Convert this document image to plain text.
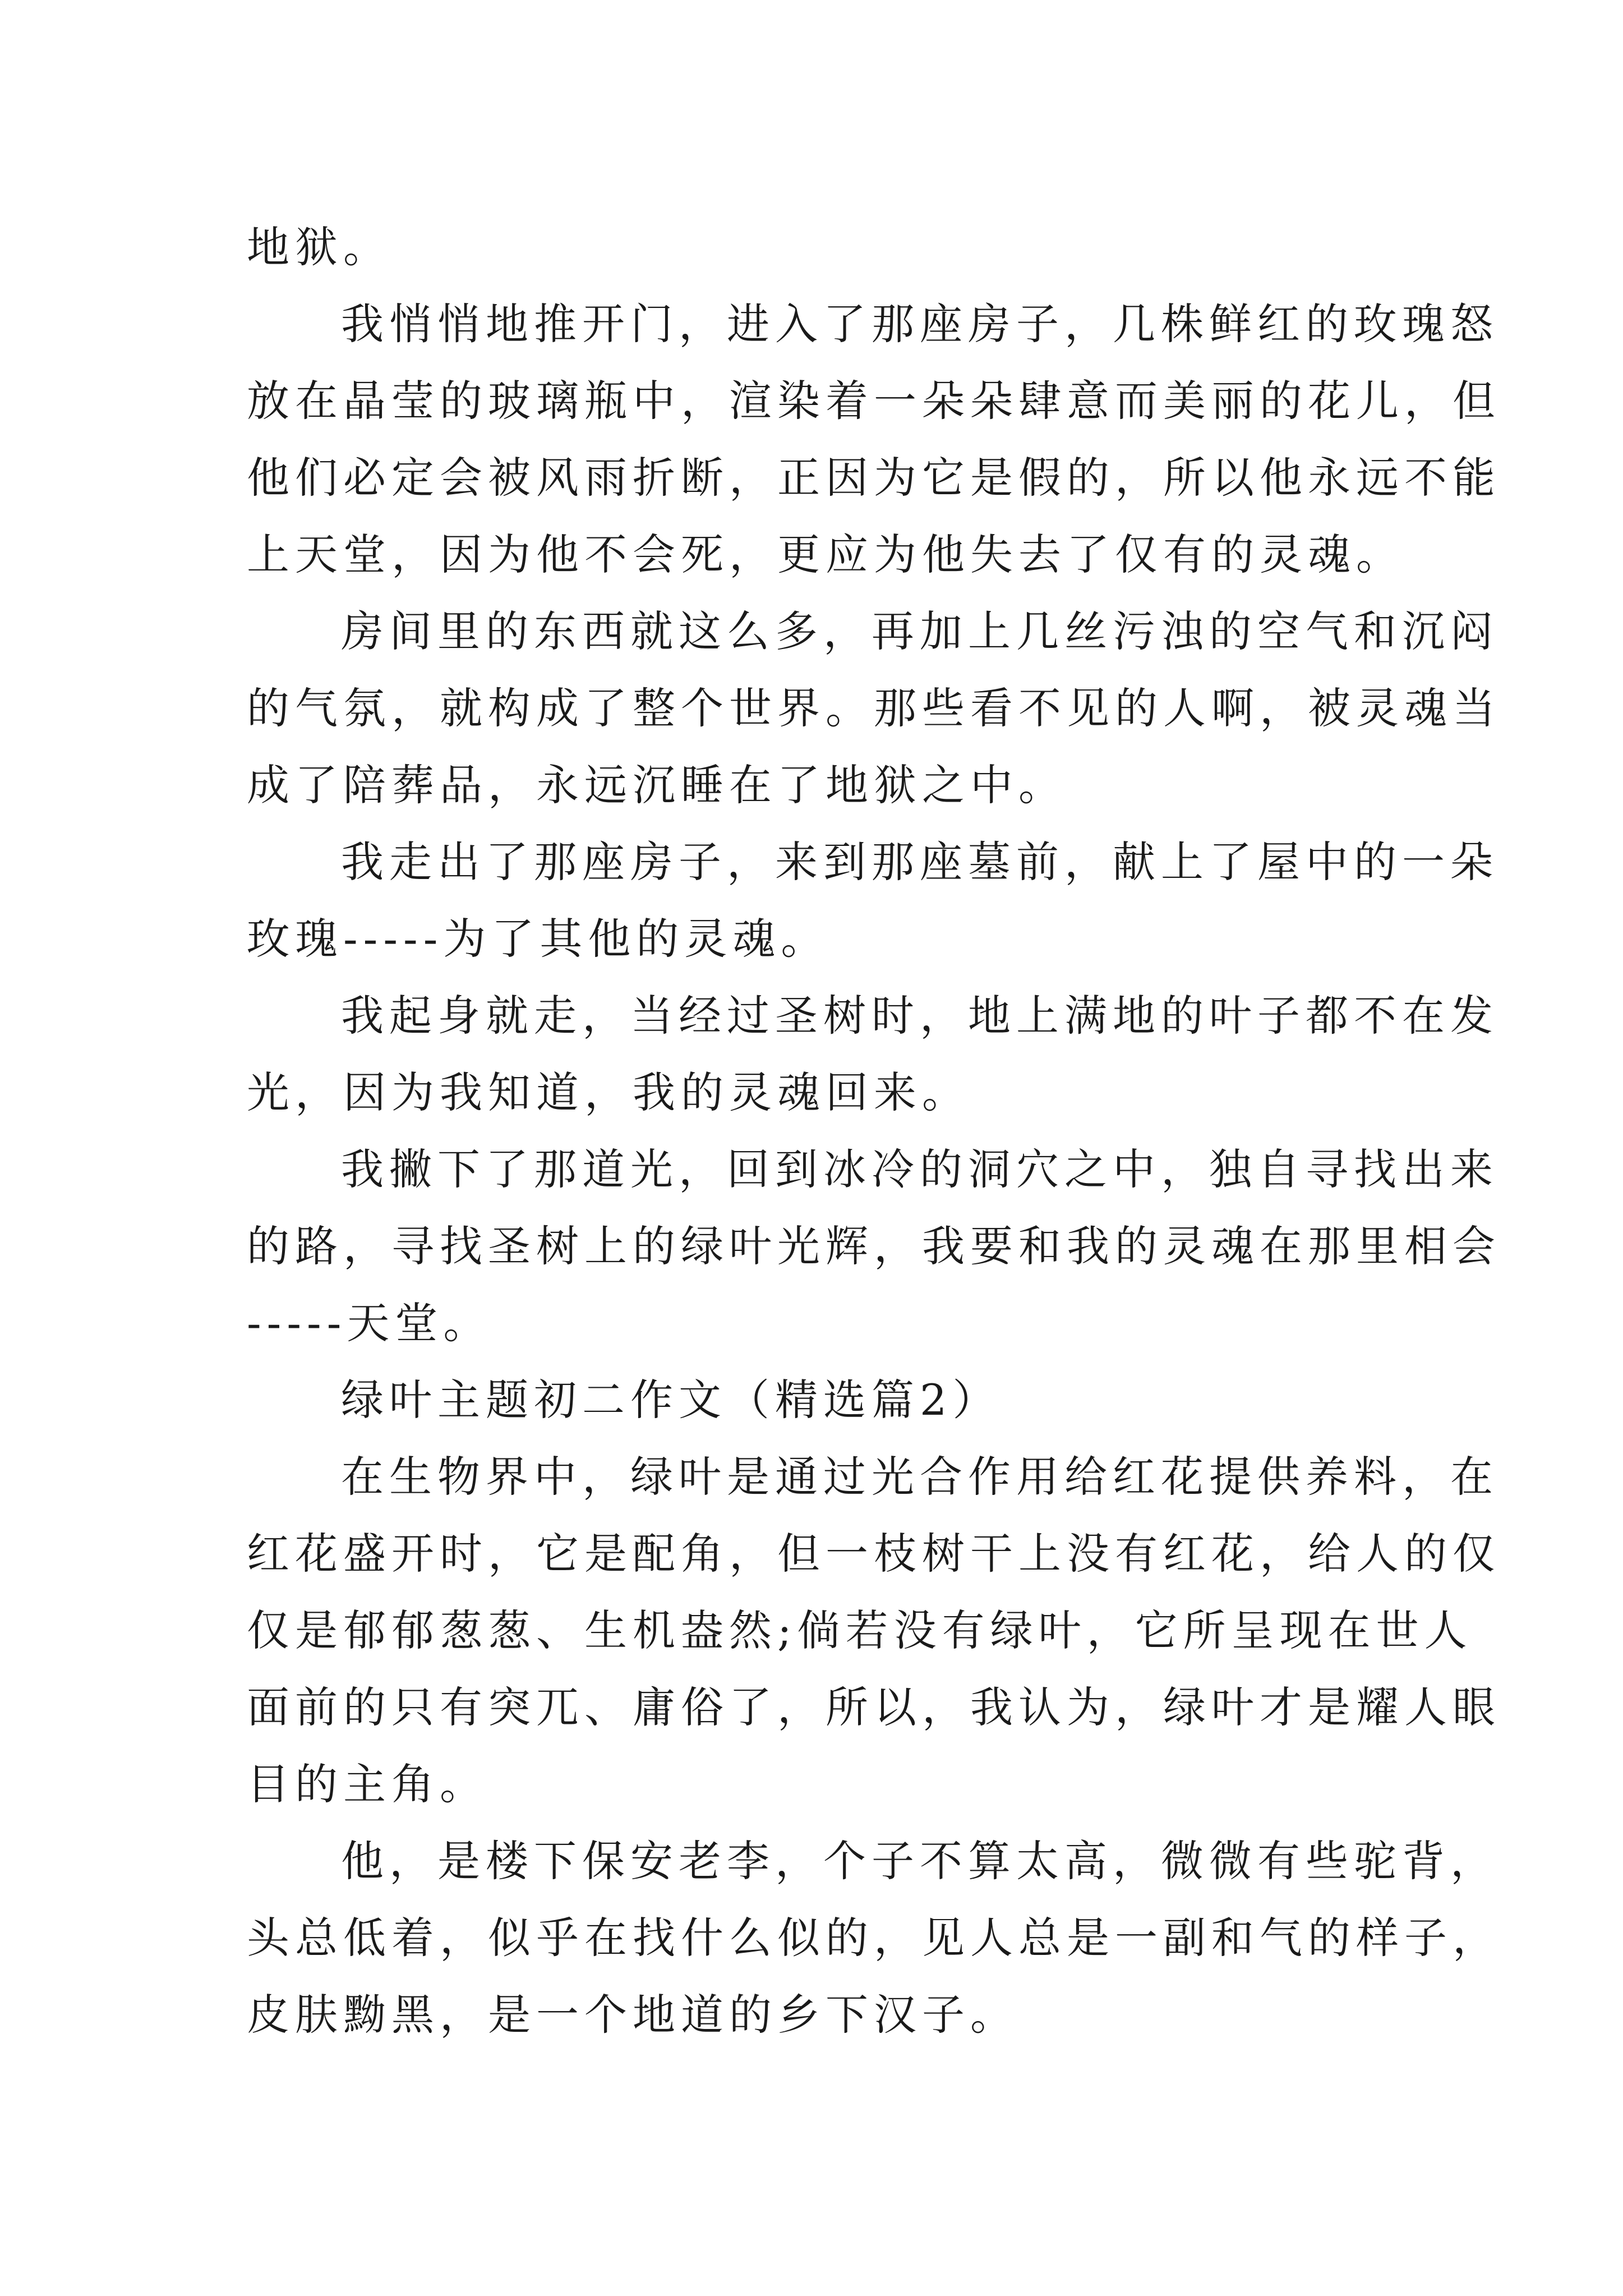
地狱。
我悄悄地推开门，进入了那座房子，几株鲜红的玫瑰怒
放在晶莹的玻璃瓶中，渲染着一朵朵肆意而美丽的花儿，但
他们必定会被风雨折断，正因为它是假的，所以他永远不能
上天堂，因为他不会死，更应为他失去了仅有的灵魂。
房间里的东西就这么多，再加上几丝污浊的空气和沉闷
的气氛，就构成了整个世界。那些看不见的人啊，被灵魂当
成了陪葬品，永远沉睡在了地狱之中。
我走出了那座房子，来到那座墓前，献上了屋中的一朵
玫瑰-----为了其他的灵魂。
我起身就走，当经过圣树时，地上满地的叶子都不在发
光，因为我知道，我的灵魂回来。
我撇下了那道光，回到冰冷的洞穴之中，独自寻找出来
的路，寻找圣树上的绿叶光辉，我要和我的灵魂在那里相会
-----天堂。
绿叶主题初二作文（精选篇2）
在生物界中，绿叶是通过光合作用给红花提供养料，在
红花盛开时，它是配角，但一枝树干上没有红花，给人的仅
仅是郁郁葱葱、生机盎然;倘若没有绿叶，它所呈现在世人
面前的只有突兀、庸俗了，所以，我认为，绿叶才是耀人眼
目的主角。
他，是楼下保安老李，个子不算太高，微微有些驼背，
头总低着，似乎在找什么似的，见人总是一副和气的样子，
皮肤黝黑，是一个地道的乡下汉子。
